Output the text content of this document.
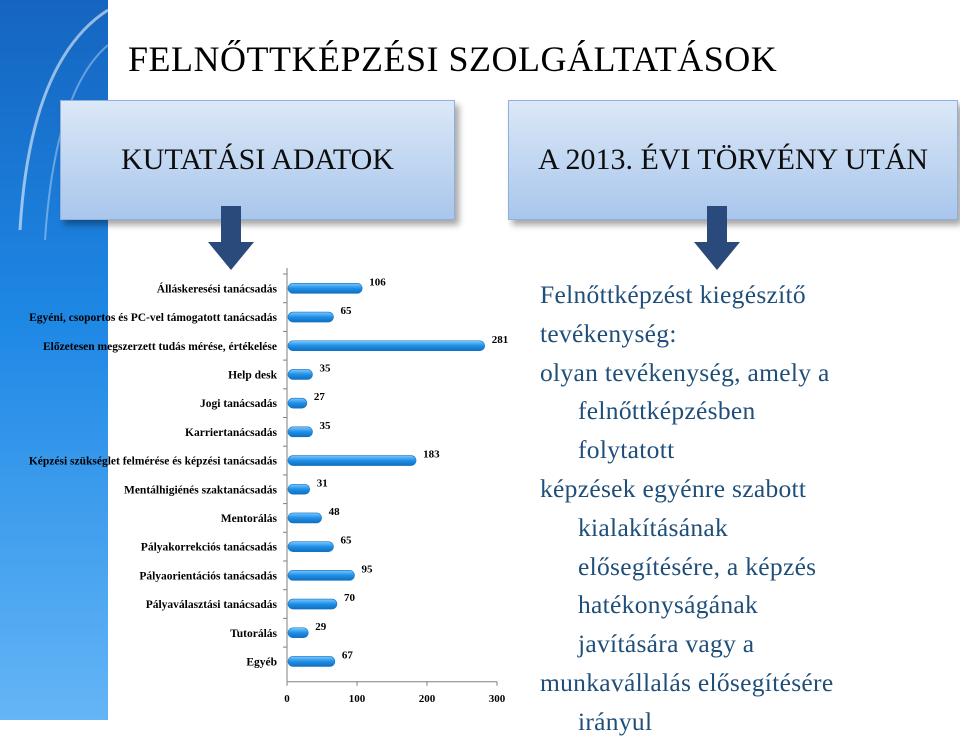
FELNŐTTKÉPZÉSI SZOLGÁLTATÁSOK
KUTATÁSI ADATOK	A 2013. ÉVI TÖRVÉNY UTÁN
0	100	200	300
Álláskeresési tanácsadás
106
Egyéni, csoportos és PC-vel támogatott tanácsadás
65
Előzetesen megszerzett tudás mérése, értékelése
281
Help desk
35
Jogi tanácsadás
27
Karriertanácsadás
35
Képzési szükséglet felmérése és képzési tanácsadás
183
Mentálhigiénés szaktanácsadás
31
Mentorálás
48
Pályakorrekciós tanácsadás
65
Pályaorientációs tanácsadás
95
Pályaválasztási tanácsadás
70
Tutorálás
29
Egyéb
67
Felnőttképzést kiegészítő
tevékenység:
olyan tevékenység, amely a
felnőttképzésben
folytatott
képzések egyénre szabott
kialakításának
elősegítésére, a képzés
hatékonyságának
javítására vagy a
munkavállalás elősegítésére
irányul
